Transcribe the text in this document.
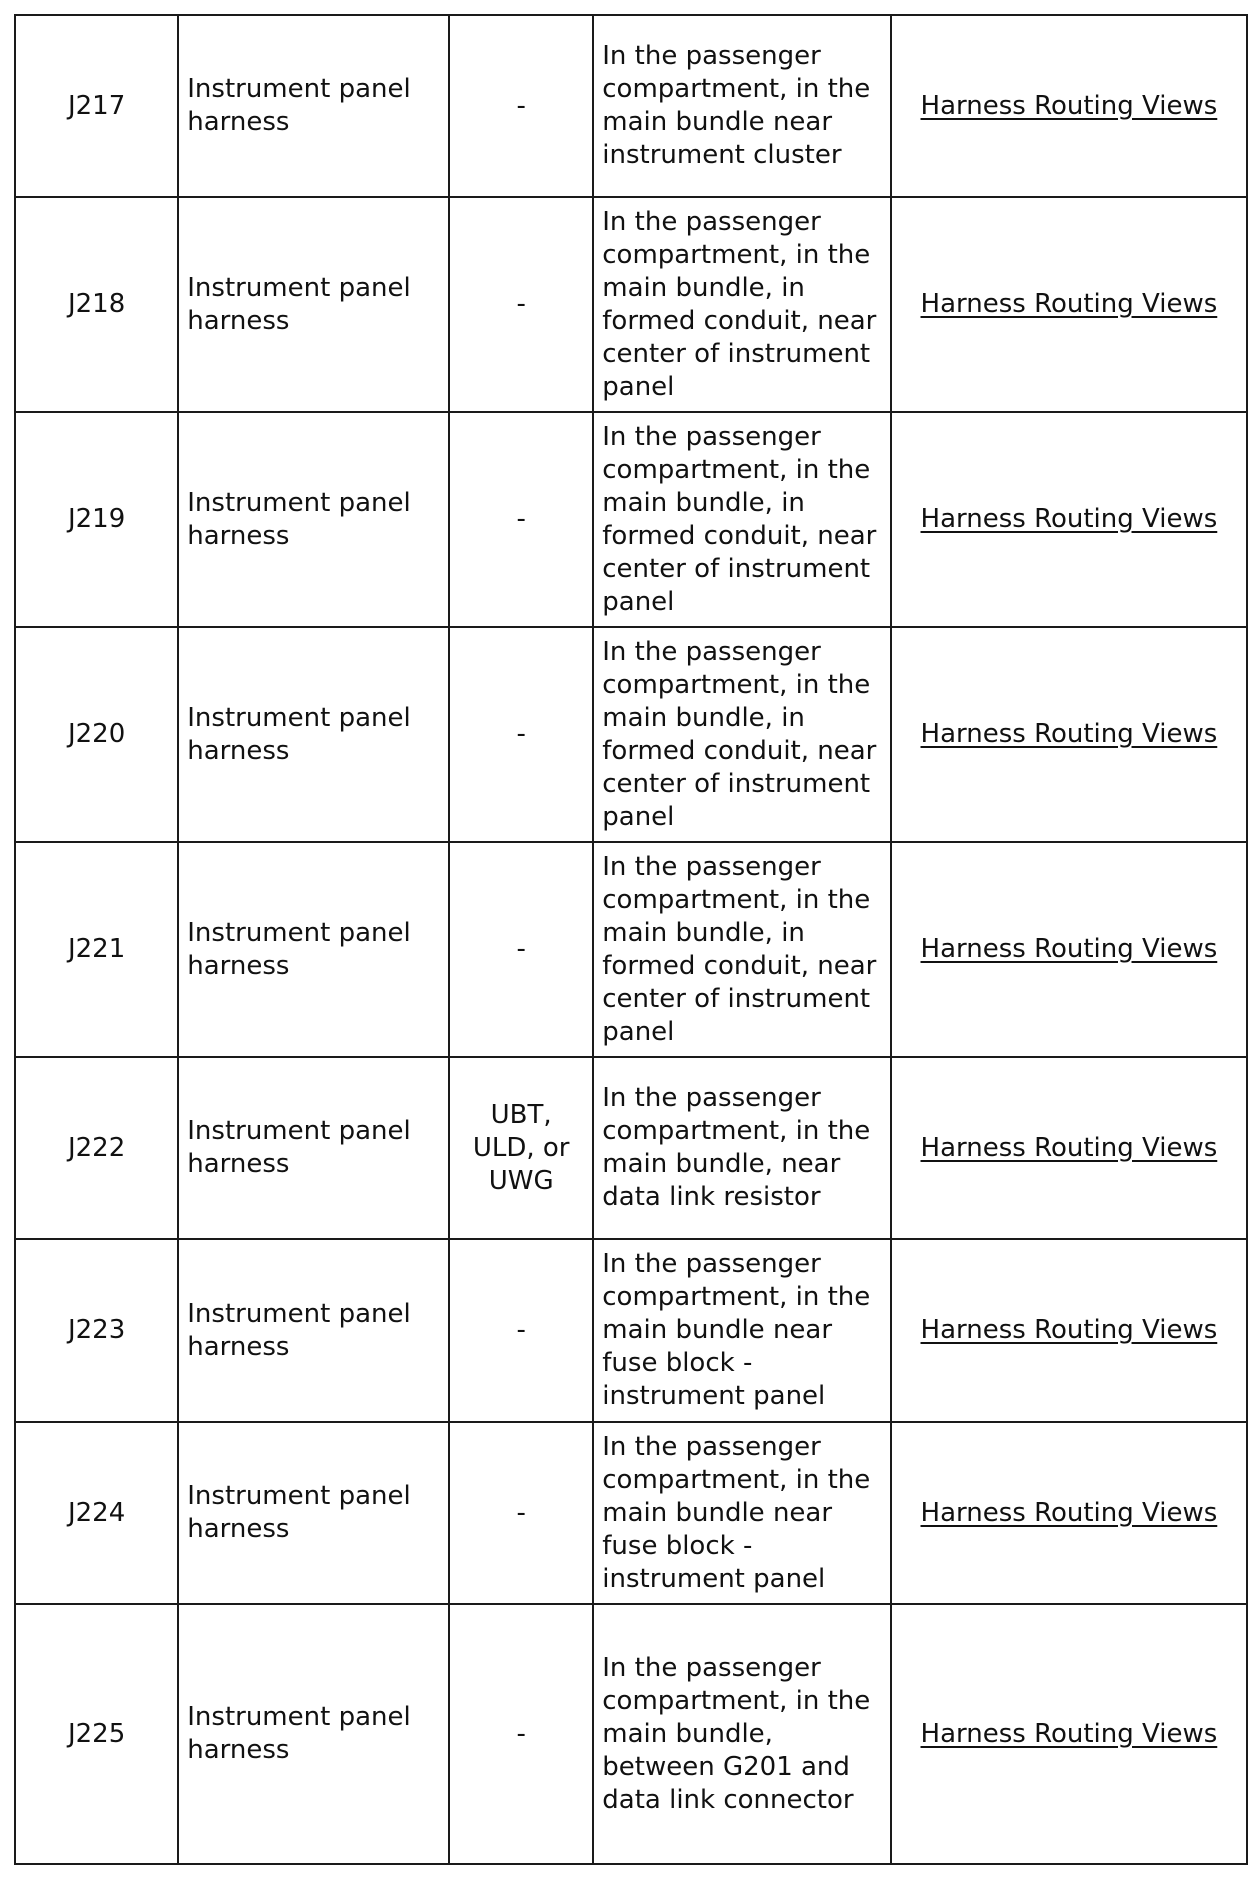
J217	Instrument panel harness	-	In the passenger compartment, in the main bundle near instrument cluster	Harness Routing Views
J218	Instrument panel harness	-	In the passenger compartment, in the main bundle, in formed conduit, near center of instrument panel	Harness Routing Views
J219	Instrument panel harness	-	In the passenger compartment, in the main bundle, in formed conduit, near center of instrument panel	Harness Routing Views
J220	Instrument panel harness	-	In the passenger compartment, in the main bundle, in formed conduit, near center of instrument panel	Harness Routing Views
J221	Instrument panel harness	-	In the passenger compartment, in the main bundle, in formed conduit, near center of instrument panel	Harness Routing Views
J222	Instrument panel harness	UBT, ULD, or UWG	In the passenger compartment, in the main bundle, near data link resistor	Harness Routing Views
J223	Instrument panel harness	-	In the passenger compartment, in the main bundle near fuse block - instrument panel	Harness Routing Views
J224	Instrument panel harness	-	In the passenger compartment, in the main bundle near fuse block - instrument panel	Harness Routing Views
J225	Instrument panel harness	-	In the passenger compartment, in the main bundle, between G201 and data link connector	Harness Routing Views
